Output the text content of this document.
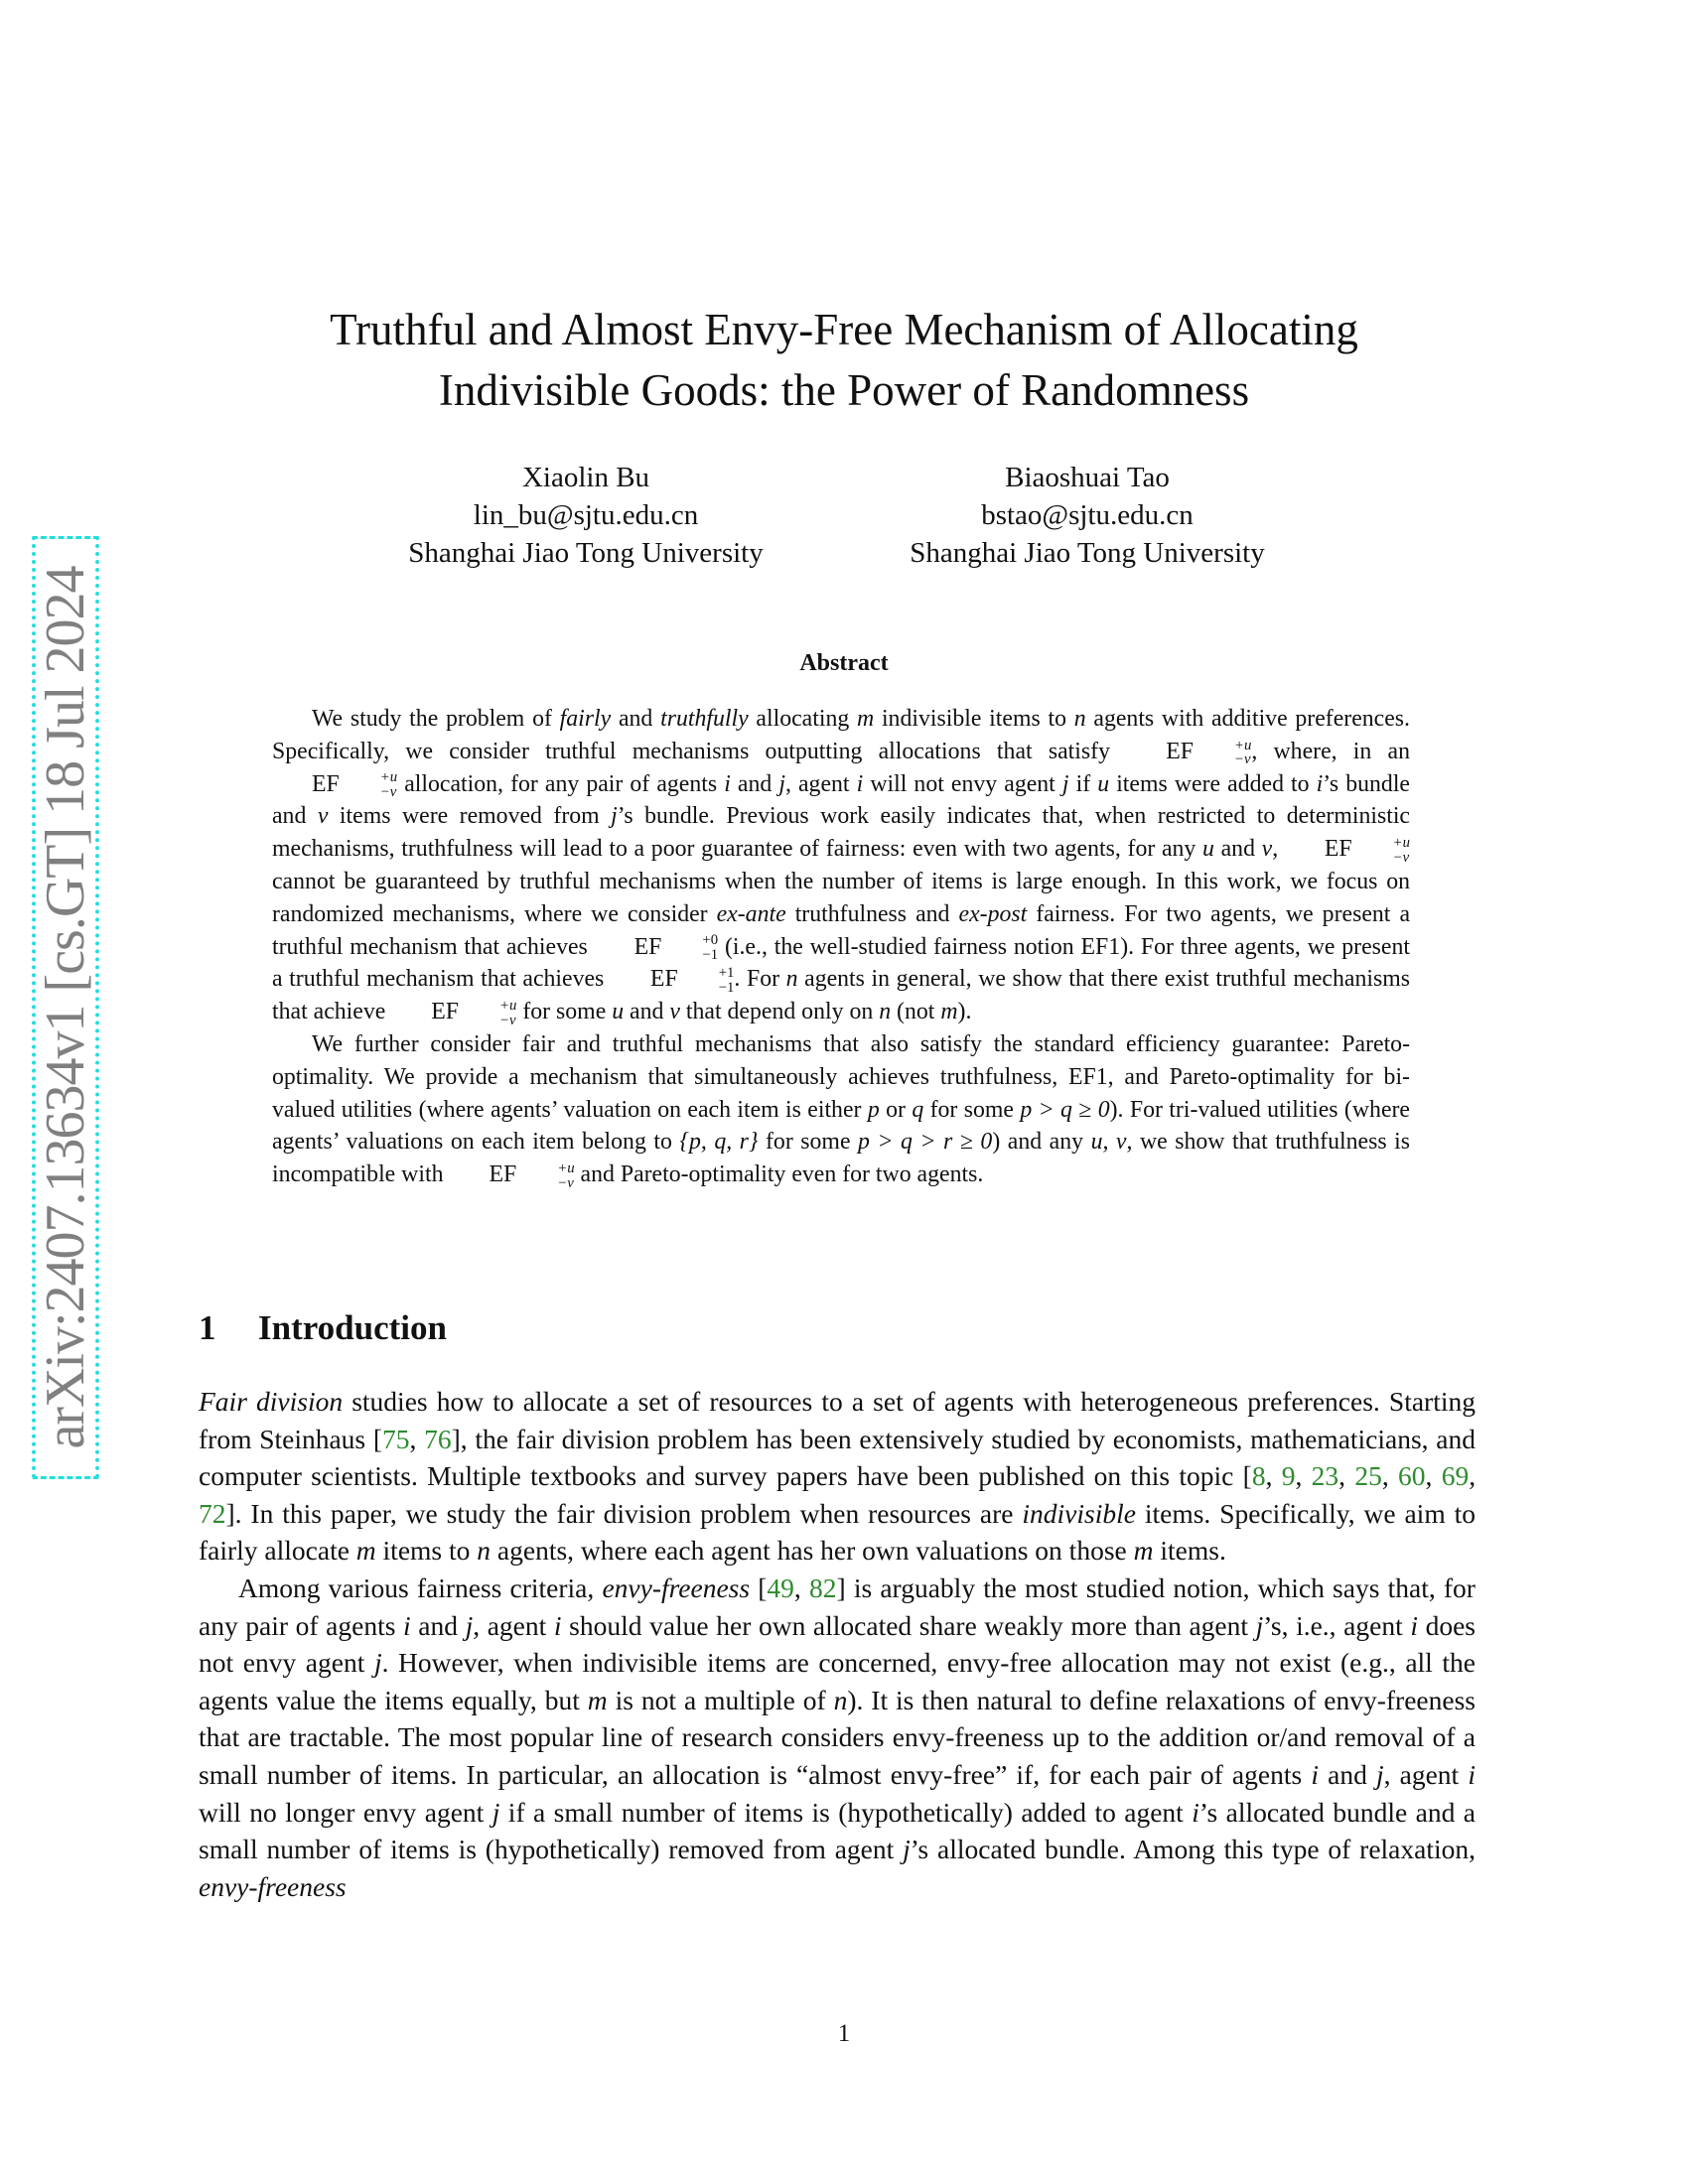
arXiv:2407.13634v1 [cs.GT] 18 Jul 2024
Truthful and Almost Envy-Free Mechanism of Allocating
Indivisible Goods: the Power of Randomness
Xiaolin Bu
lin_bu@sjtu.edu.cn
Shanghai Jiao Tong University
Biaoshuai Tao
bstao@sjtu.edu.cn
Shanghai Jiao Tong University
Abstract

We study the problem of fairly and truthfully allocating m indivisible items to n agents with additive preferences. Specifically, we consider truthful mechanisms outputting allocations that satisfy EF	+u
−v , where, in an EF	+u
−v allocation, for any pair of agents i and j, agent i will not envy agent j if u items were added to i’s bundle and v items were removed from j’s bundle. Previous work easily indicates that, when restricted to deterministic mechanisms, truthfulness will lead to a poor guarantee of fairness: even with two agents, for any u and v, EF	+u
−v
cannot be guaranteed by truthful mechanisms when the number of items is large enough. In this work, we focus on randomized mechanisms, where we consider ex-ante truthfulness and ex-post fairness. For two agents, we present a truthful mechanism that achieves EF	+0
−1 (i.e., the well-studied fairness notion EF1). For three agents, we present a truthful mechanism that achieves EF	+1
−1 . For n agents in general, we show that there exist truthful mechanisms that achieve EF	+u
−v for some u and v that depend only on n (not m).

We further consider fair and truthful mechanisms that also satisfy the standard efficiency guarantee: Pareto-optimality. We provide a mechanism that simultaneously achieves truthfulness, EF1, and Pareto-optimality for bi-valued utilities (where agents’ valuation on each item is either p or q for some p > q ≥ 0). For tri-valued utilities (where agents’ valuations on each item belong to {p, q, r} for some p > q > r ≥ 0) and any u, v, we show that truthfulness is incompatible with EF	+u
−v and Pareto-optimality even for two agents.

1 Introduction

Fair division studies how to allocate a set of resources to a set of agents with heterogeneous preferences. Starting from Steinhaus [75, 76], the fair division problem has been extensively studied by economists, mathematicians, and computer scientists. Multiple textbooks and survey papers have been published on this topic [8, 9, 23, 25, 60, 69, 72]. In this paper, we study the fair division problem when resources are indivisible items. Specifically, we aim to fairly allocate m items to n agents, where each agent has her own valuations on those m items.

Among various fairness criteria, envy-freeness [49, 82] is arguably the most studied notion, which says that, for any pair of agents i and j, agent i should value her own allocated share weakly more than agent j’s, i.e., agent i does not envy agent j. However, when indivisible items are concerned, envy-free allocation may not exist (e.g., all the agents value the items equally, but m is not a multiple of n). It is then natural to define relaxations of envy-freeness that are tractable. The most popular line of research considers envy-freeness up to the addition or/and removal of a small number of items. In particular, an allocation is “almost envy-free” if, for each pair of agents i and j, agent i will no longer envy agent j if a small number of items is (hypothetically) added to agent i’s allocated bundle and a small number of items is (hypothetically) removed from agent j’s allocated bundle. Among this type of relaxation, envy-freeness

1
